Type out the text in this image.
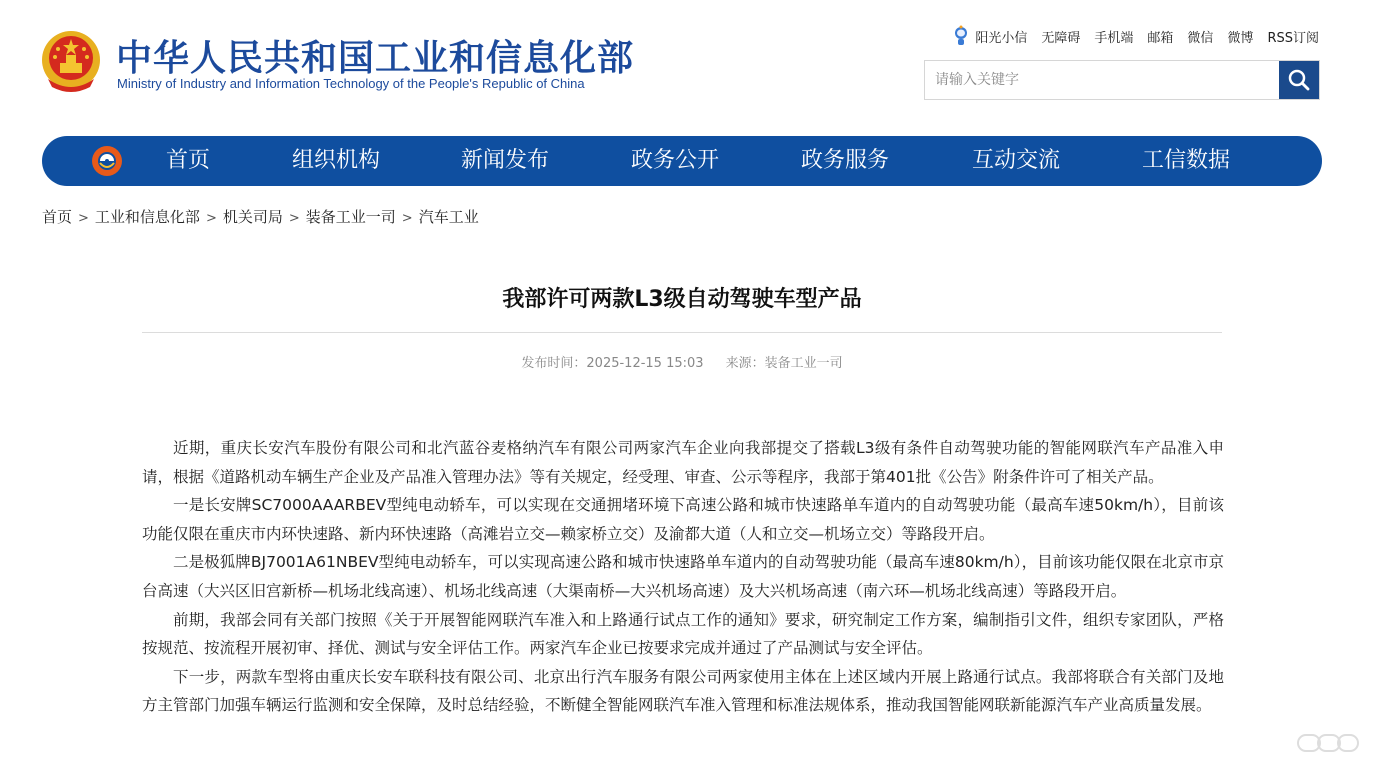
中华人民共和国工业和信息化部
Ministry of Industry and Information Technology of the People's Republic of China
阳光小信 无障碍 手机端 邮箱 微信 微博 RSS订阅
请输入关键字
首页	组织机构	新闻发布	政务公开	政务服务	互动交流	工信数据
首页 > 工业和信息化部 > 机关司局 > 装备工业一司 > 汽车工业
我部许可两款L3级自动驾驶车型产品
发布时间：2025-12-15 15:03 来源：装备工业一司

近期，重庆长安汽车股份有限公司和北汽蓝谷麦格纳汽车有限公司两家汽车企业向我部提交了搭载L3级有条件自动驾驶功能的智能网联汽车产品准入申请，根据《道路机动车辆生产企业及产品准入管理办法》等有关规定，经受理、审查、公示等程序，我部于第401批《公告》附条件许可了相关产品。

一是长安牌SC7000AAARBEV型纯电动轿车，可以实现在交通拥堵环境下高速公路和城市快速路单车道内的自动驾驶功能（最高车速50km/h），目前该功能仅限在重庆市内环快速路、新内环快速路（高滩岩立交—赖家桥立交）及渝都大道（人和立交—机场立交）等路段开启。

二是极狐牌BJ7001A61NBEV型纯电动轿车，可以实现高速公路和城市快速路单车道内的自动驾驶功能（最高车速80km/h），目前该功能仅限在北京市京台高速（大兴区旧宫新桥—机场北线高速）、机场北线高速（大渠南桥—大兴机场高速）及大兴机场高速（南六环—机场北线高速）等路段开启。

前期，我部会同有关部门按照《关于开展智能网联汽车准入和上路通行试点工作的通知》要求，研究制定工作方案，编制指引文件，组织专家团队，严格按规范、按流程开展初审、择优、测试与安全评估工作。两家汽车企业已按要求完成并通过了产品测试与安全评估。

下一步，两款车型将由重庆长安车联科技有限公司、北京出行汽车服务有限公司两家使用主体在上述区域内开展上路通行试点。我部将联合有关部门及地方主管部门加强车辆运行监测和安全保障，及时总结经验，不断健全智能网联汽车准入管理和标准法规体系，推动我国智能网联新能源汽车产业高质量发展。
